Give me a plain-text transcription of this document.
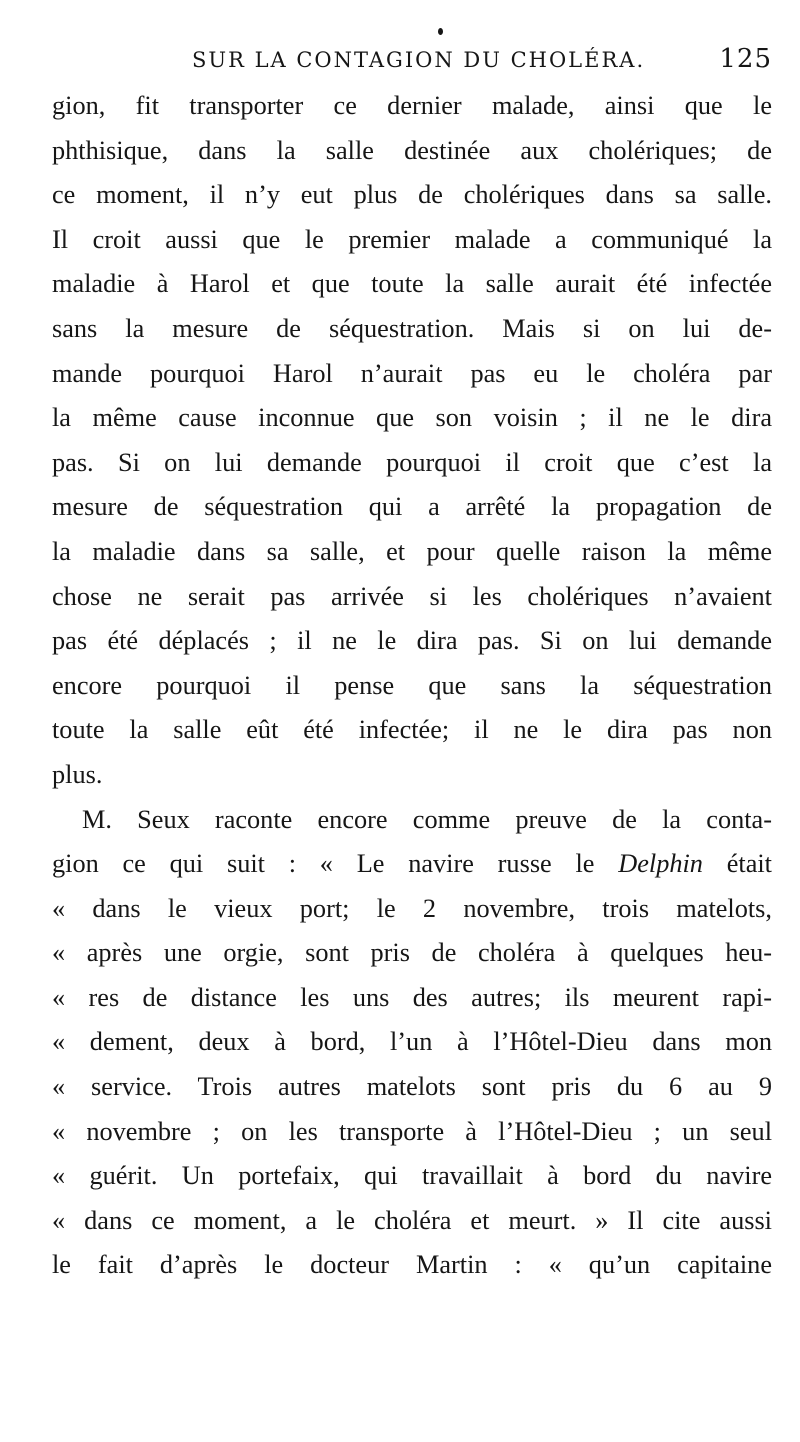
SUR LA CONTAGION DU CHOLÉRA.	125
gion, fit transporter ce dernier malade, ainsi que le
phthisique, dans la salle destinée aux cholériques; de
ce moment, il n’y eut plus de cholériques dans sa salle.
Il croit aussi que le premier malade a communiqué la
maladie à Harol et que toute la salle aurait été infectée
sans la mesure de séquestration. Mais si on lui de-
mande pourquoi Harol n’aurait pas eu le choléra par
la même cause inconnue que son voisin ; il ne le dira
pas. Si on lui demande pourquoi il croit que c’est la
mesure de séquestration qui a arrêté la propagation de
la maladie dans sa salle, et pour quelle raison la même
chose ne serait pas arrivée si les cholériques n’avaient
pas été déplacés ; il ne le dira pas. Si on lui demande
encore pourquoi il pense que sans la séquestration
toute la salle eût été infectée; il ne le dira pas non
plus.
M. Seux raconte encore comme preuve de la conta-
gion ce qui suit : « Le navire russe le Delphin était
« dans le vieux port; le 2 novembre, trois matelots,
« après une orgie, sont pris de choléra à quelques heu-
« res de distance les uns des autres; ils meurent rapi-
« dement, deux à bord, l’un à l’Hôtel-Dieu dans mon
« service. Trois autres matelots sont pris du 6 au 9
« novembre ; on les transporte à l’Hôtel-Dieu ; un seul
« guérit. Un portefaix, qui travaillait à bord du navire
« dans ce moment, a le choléra et meurt. » Il cite aussi
le fait d’après le docteur Martin : « qu’un capitaine
